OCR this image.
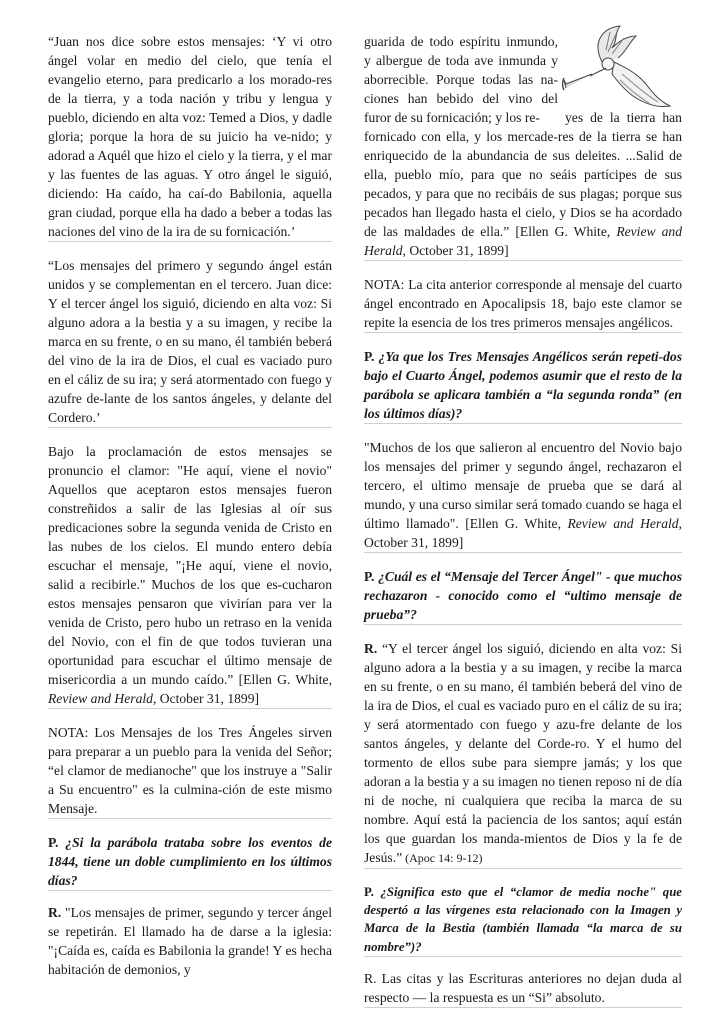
“Juan nos dice sobre estos mensajes: ‘Y vi otro ángel volar en medio del cielo, que tenía el evangelio eterno, para predicarlo a los morado-res de la tierra, y a toda nación y tribu y lengua y pueblo, diciendo en alta voz: Temed a Dios, y dadle gloria; porque la hora de su juicio ha ve-nido; y adorad a Aquél que hizo el cielo y la tierra, y el mar y las fuentes de las aguas. Y otro ángel le siguió, diciendo: Ha caído, ha caí-do Babilonia, aquella gran ciudad, porque ella ha dado a beber a todas las naciones del vino de la ira de su fornicación.’

“Los mensajes del primero y segundo ángel están unidos y se complementan en el tercero. Juan dice: Y el tercer ángel los siguió, diciendo en alta voz: Si alguno adora a la bestia y a su imagen, y recibe la marca en su frente, o en su mano, él también beberá del vino de la ira de Dios, el cual es vaciado puro en el cáliz de su ira; y será atormentado con fuego y azufre de-lante de los santos ángeles, y delante del Cordero.’

Bajo la proclamación de estos mensajes se pronuncio el clamor: "He aquí, viene el novio" Aquellos que aceptaron estos mensajes fueron constreñidos a salir de las Iglesias al oír sus predicaciones sobre la segunda venida de Cristo en las nubes de los cielos. El mundo entero debía escuchar el mensaje, "¡He aquí, viene el novio, salid a recibirle." Muchos de los que es-cucharon estos mensajes pensaron que vivirían para ver la venida de Cristo, pero hubo un retraso en la venida del Novio, con el fin de que todos tuvieran una oportunidad para escuchar el último mensaje de misericordia a un mundo caído.” [Ellen G. White, Review and Herald, October 31, 1899]

NOTA: Los Mensajes de los Tres Ángeles sirven para preparar a un pueblo para la venida del Señor; “el clamor de medianoche" que los instruye a "Salir a Su encuentro" es la culmina-ción de este mismo Mensaje.

P. ¿Si la parábola trataba sobre los eventos de 1844, tiene un doble cumplimiento en los últimos días?

R. "Los mensajes de primer, segundo y tercer ángel se repetirán. El llamado ha de darse a la iglesia: "¡Caída es, caída es Babilonia la grande! Y es hecha habitación de demonios, y

guarida de todo espíritu inmundo, y albergue de toda ave inmunda y aborrecible. Porque todas las na-ciones han bebido del vino del furor de su fornicación; y los re- yes de la tierra han fornicado con ella, y los mercade-res de la tierra se han enriquecido de la abundancia de sus deleites. ...Salid de ella, pueblo mío, para que no seáis partícipes de sus pecados, y para que no recibáis de sus plagas; porque sus pecados han llegado hasta el cielo, y Dios se ha acordado de las maldades de ella.” [Ellen G. White, Review and Herald, October 31, 1899]

NOTA: La cita anterior corresponde al mensaje del cuarto ángel encontrado en Apocalipsis 18, bajo este clamor se repite la esencia de los tres primeros mensajes angélicos.

P. ¿Ya que los Tres Mensajes Angélicos serán repeti-dos bajo el Cuarto Ángel, podemos asumir que el resto de la parábola se aplicara también a “la segunda ronda” (en los últimos días)?

"Muchos de los que salieron al encuentro del Novio bajo los mensajes del primer y segundo ángel, rechazaron el tercero, el ultimo mensaje de prueba que se dará al mundo, y una curso similar será tomado cuando se haga el último llamado". [Ellen G. White, Review and Herald, October 31, 1899]

P. ¿Cuál es el “Mensaje del Tercer Ángel" - que muchos rechazaron - conocido como el “ultimo mensaje de prueba”?

R. “Y el tercer ángel los siguió, diciendo en alta voz: Si alguno adora a la bestia y a su imagen, y recibe la marca en su frente, o en su mano, él también beberá del vino de la ira de Dios, el cual es vaciado puro en el cáliz de su ira; y será atormentado con fuego y azu-fre delante de los santos ángeles, y delante del Corde-ro. Y el humo del tormento de ellos sube para siempre jamás; y los que adoran a la bestia y a su imagen no tienen reposo ni de día ni de noche, ni cualquiera que reciba la marca de su nombre. Aquí está la paciencia de los santos; aquí están los que guardan los manda-mientos de Dios y la fe de Jesús.” (Apoc 14: 9-12)

P. ¿Significa esto que el “clamor de media noche" que despertó a las vírgenes esta relacionado con la Imagen y Marca de la Bestia (también llamada “la marca de su nombre”)?

R. Las citas y las Escrituras anteriores no dejan duda al respecto — la respuesta es un “Si” absoluto.
